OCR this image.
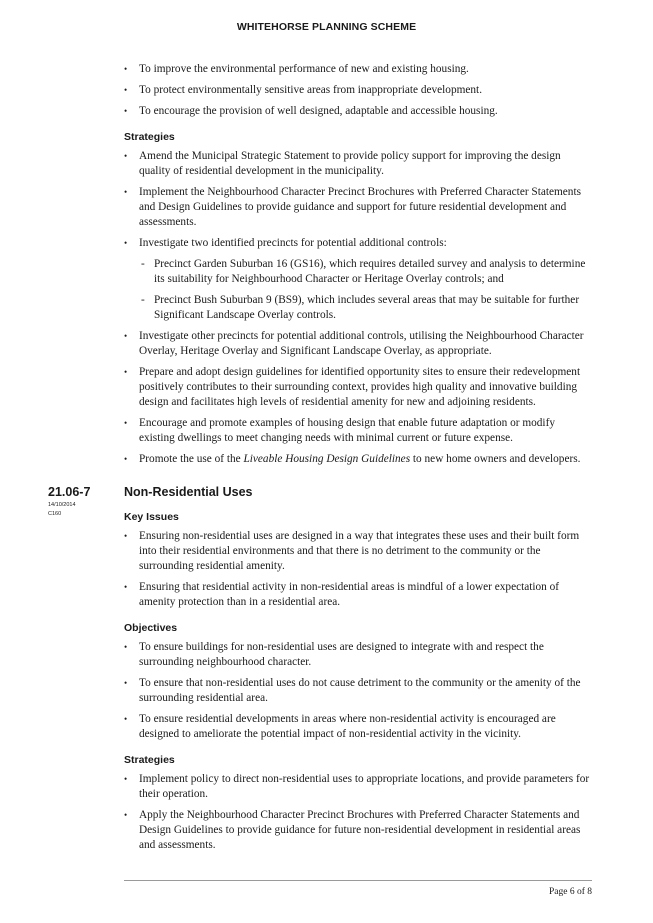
WHITEHORSE PLANNING SCHEME
• To improve the environmental performance of new and existing housing.
• To protect environmentally sensitive areas from inappropriate development.
• To encourage the provision of well designed, adaptable and accessible housing.
Strategies
• Amend the Municipal Strategic Statement to provide policy support for improving the design quality of residential development in the municipality.
• Implement the Neighbourhood Character Precinct Brochures with Preferred Character Statements and Design Guidelines to provide guidance and support for future residential development and assessments.
• Investigate two identified precincts for potential additional controls:
- Precinct Garden Suburban 16 (GS16), which requires detailed survey and analysis to determine its suitability for Neighbourhood Character or Heritage Overlay controls; and
- Precinct Bush Suburban 9 (BS9), which includes several areas that may be suitable for further Significant Landscape Overlay controls.
• Investigate other precincts for potential additional controls, utilising the Neighbourhood Character Overlay, Heritage Overlay and Significant Landscape Overlay, as appropriate.
• Prepare and adopt design guidelines for identified opportunity sites to ensure their redevelopment positively contributes to their surrounding context, provides high quality and innovative building design and facilitates high levels of residential amenity for new and adjoining residents.
• Encourage and promote examples of housing design that enable future adaptation or modify existing dwellings to meet changing needs with minimal current or future expense.
• Promote the use of the Liveable Housing Design Guidelines to new home owners and developers.
21.06-7
14/10/2014
C160
Non-Residential Uses
Key Issues
• Ensuring non-residential uses are designed in a way that integrates these uses and their built form into their residential environments and that there is no detriment to the community or the surrounding residential amenity.
• Ensuring that residential activity in non-residential areas is mindful of a lower expectation of amenity protection than in a residential area.
Objectives
• To ensure buildings for non-residential uses are designed to integrate with and respect the surrounding neighbourhood character.
• To ensure that non-residential uses do not cause detriment to the community or the amenity of the surrounding residential area.
• To ensure residential developments in areas where non-residential activity is encouraged are designed to ameliorate the potential impact of non-residential activity in the vicinity.
Strategies
• Implement policy to direct non-residential uses to appropriate locations, and provide parameters for their operation.
• Apply the Neighbourhood Character Precinct Brochures with Preferred Character Statements and Design Guidelines to provide guidance for future non-residential development in residential areas and assessments.
Page 6 of 8
